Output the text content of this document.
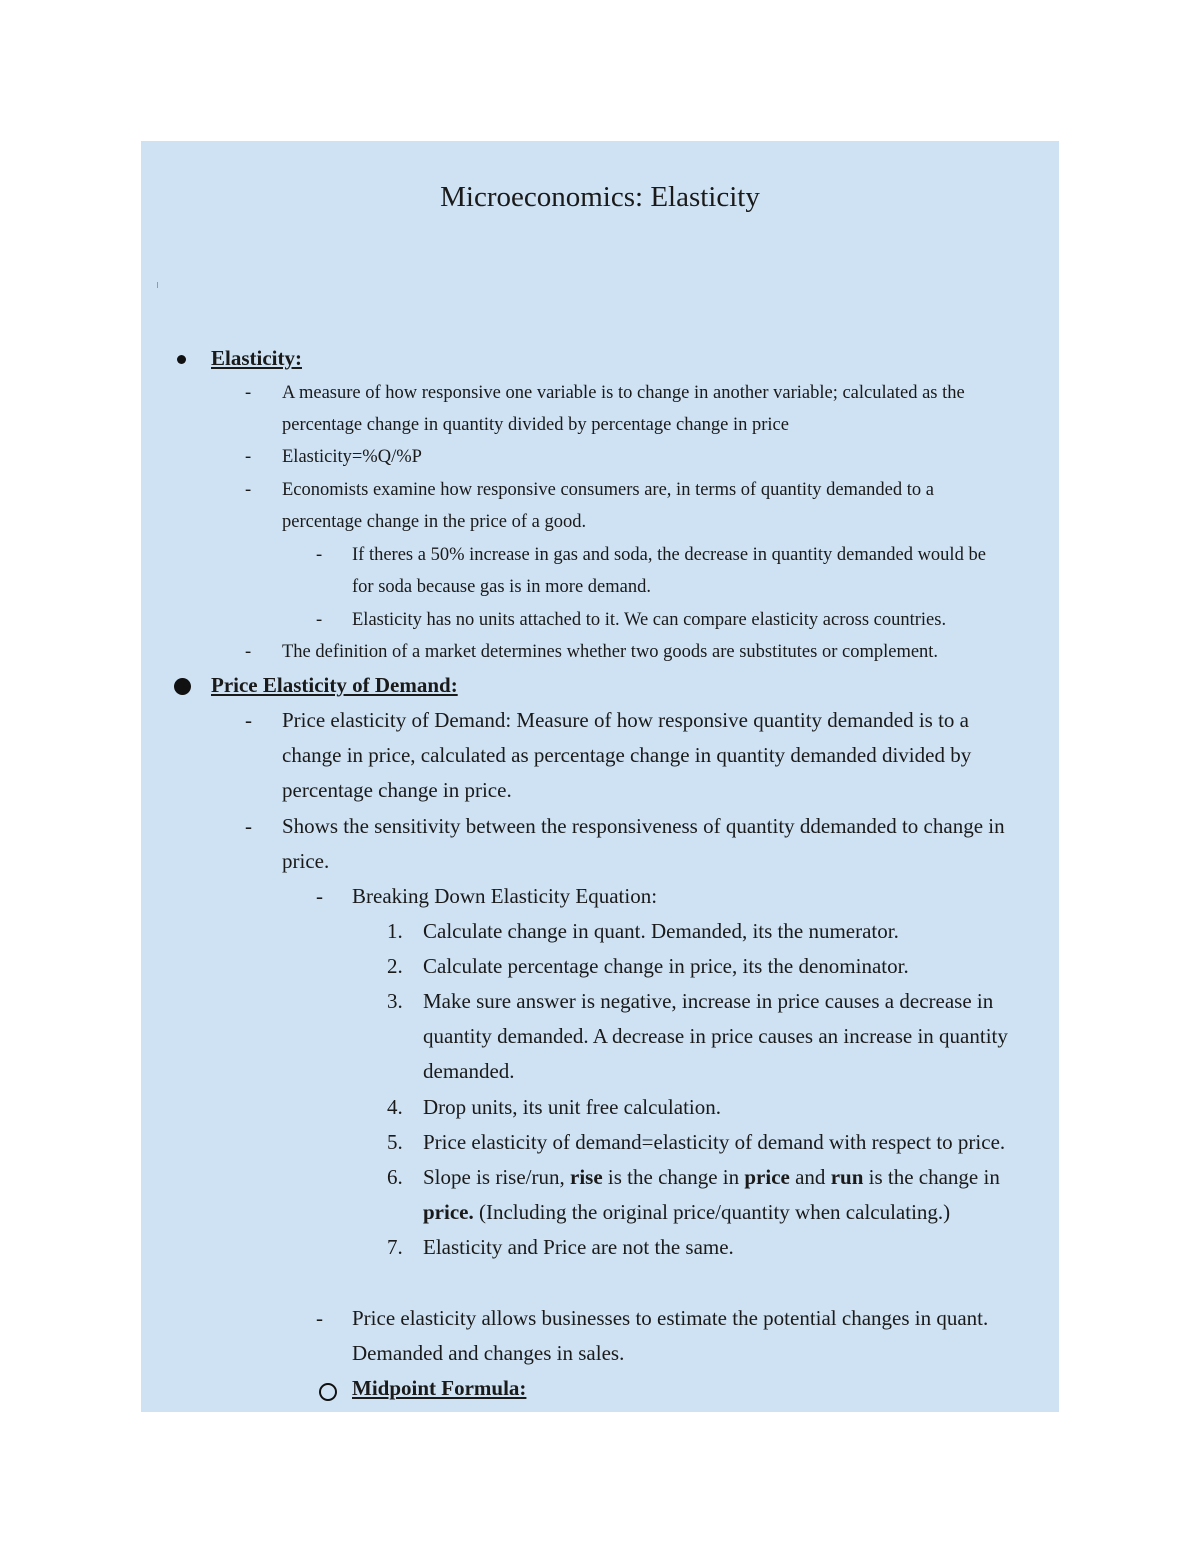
Microeconomics: Elasticity
Elasticity:
- A measure of how responsive one variable is to change in another variable; calculated as the
percentage change in quantity divided by percentage change in price
- Elasticity=%Q/%P
- Economists examine how responsive consumers are, in terms of quantity demanded to a
percentage change in the price of a good.
- If theres a 50% increase in gas and soda, the decrease in quantity demanded would be
for soda because gas is in more demand.
- Elasticity has no units attached to it. We can compare elasticity across countries.
- The definition of a market determines whether two goods are substitutes or complement.
Price Elasticity of Demand:
- Price elasticity of Demand: Measure of how responsive quantity demanded is to a
change in price, calculated as percentage change in quantity demanded divided by
percentage change in price.
- Shows the sensitivity between the responsiveness of quantity ddemanded to change in
price.
- Breaking Down Elasticity Equation:
1. Calculate change in quant. Demanded, its the numerator.
2. Calculate percentage change in price, its the denominator.
3. Make sure answer is negative, increase in price causes a decrease in
quantity demanded. A decrease in price causes an increase in quantity
demanded.
4. Drop units, its unit free calculation.
5. Price elasticity of demand=elasticity of demand with respect to price.
6. Slope is rise/run, rise is the change in price and run is the change in
price. (Including the original price/quantity when calculating.)
7. Elasticity and Price are not the same.
- Price elasticity allows businesses to estimate the potential changes in quant.
Demanded and changes in sales.
Midpoint Formula:
